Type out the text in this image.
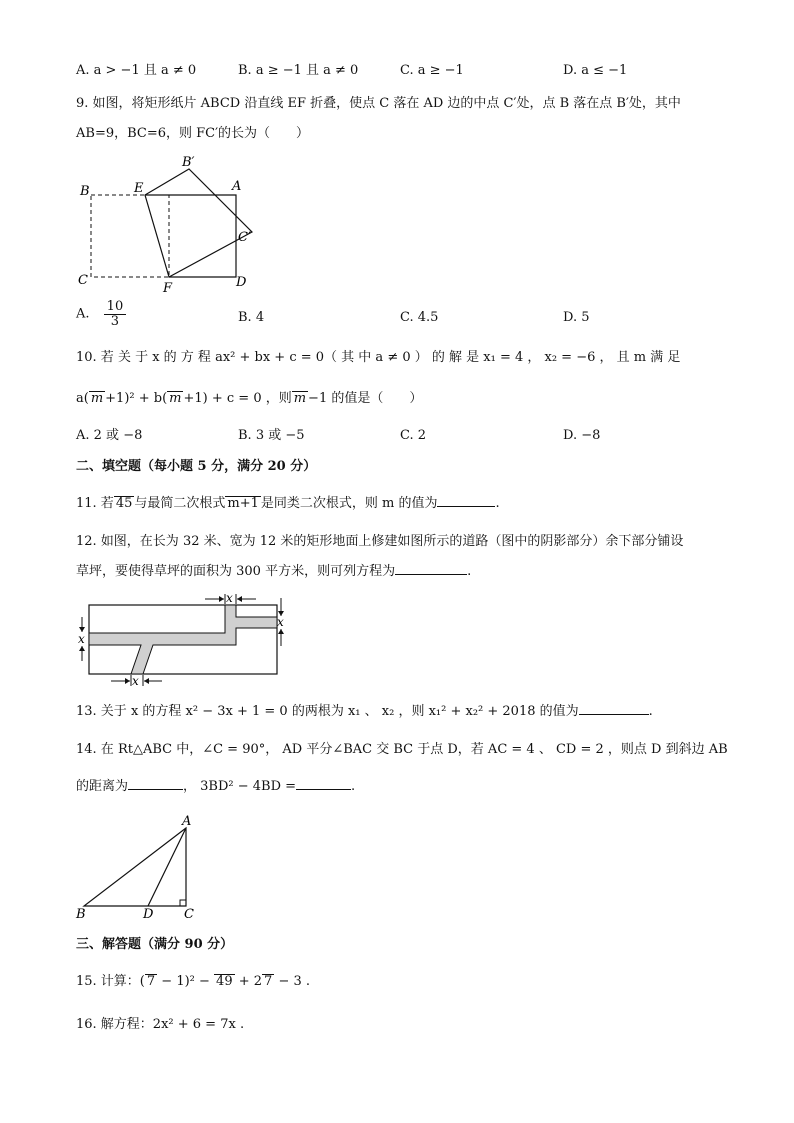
A. a > −1 且 a ≠ 0	B. a ≥ −1 且 a ≠ 0	C. a ≥ −1	D. a ≤ −1
9. 如图，将矩形纸片 ABCD 沿直线 EF 折叠，使点 C 落在 AD 边的中点 C′处，点 B 落在点 B′处，其中
AB=9，BC=6，则 FC′的长为（　　）
B	E
B′
A
C′
C
F	D
A. $\frac{10}{3}$	B. 4	C. 4.5	D. 5
10. 若 关 于 x 的 方 程 ax² + bx + c = 0（ 其 中 a ≠ 0 ） 的 解 是 x₁ = 4 ， x₂ = −6 ， 且 m 满 足
a( m +1)² + b( m +1) + c = 0 ，则 m −1 的值是（　　）
A. 2 或 −8	B. 3 或 −5	C. 2	D. −8
二、填空题（每小题 5 分，满分 20 分）
11. 若 45 与最简二次根式 m+1 是同类二次根式，则 m 的值为	.
12. 如图，在长为 32 米、宽为 12 米的矩形地面上修建如图所示的道路（图中的阴影部分）余下部分铺设
草坪，要使得草坪的面积为 300 平方米，则可列方程为	.
x
x
x
x
13. 关于 x 的方程 x² − 3x + 1 = 0 的两根为 x₁ 、 x₂ ，则 x₁² + x₂² + 2018 的值为	.
14. 在 Rt△ABC 中，∠C = 90°， AD 平分∠BAC 交 BC 于点 D，若 AC = 4 、 CD = 2 ，则点 D 到斜边 AB
的距离为	， 3BD² − 4BD =	.
A
B	D C
三、解答题（满分 90 分）
15. 计算：( 7 − 1)² − 49 + 2 7 − 3 .
16. 解方程：2x² + 6 = 7x .
